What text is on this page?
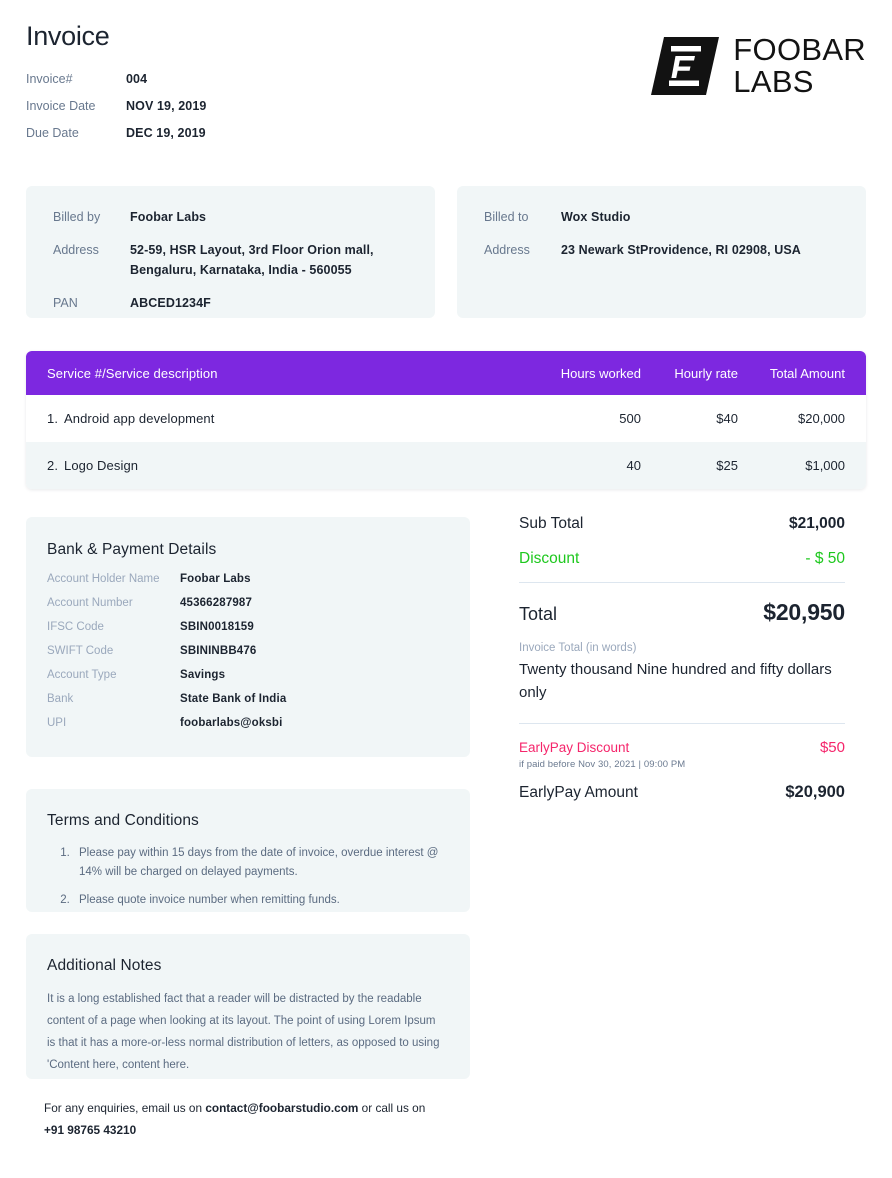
Invoice
Invoice#	004
Invoice Date	NOV 19, 2019
Due Date	DEC 19, 2019
FOOBAR
LABS
Billed by	Foobar Labs
Address	52-59, HSR Layout, 3rd Floor Orion mall,
Bengaluru, Karnataka, India - 560055

PAN	ABCED1234F
Billed to	Wox Studio
Address	23 Newark StProvidence, RI 02908, USA
Service #/Service description	Hours worked	Hourly rate	Total Amount
1. Android app development	500	$40	$20,000
2. Logo Design	40	$25	$1,000
Bank & Payment Details
Account Holder Name	Foobar Labs
Account Number	45366287987
IFSC Code	SBIN0018159
SWIFT Code	SBININBB476
Account Type	Savings
Bank	State Bank of India
UPI	foobarlabs@oksbi
Terms and Conditions
1. Please pay within 15 days from the date of invoice, overdue interest @ 14% will be charged on delayed payments.
2. Please quote invoice number when remitting funds.
Additional Notes

It is a long established fact that a reader will be distracted by the readable content of a page when looking at its layout. The point of using Lorem Ipsum is that it has a more-or-less normal distribution of letters, as opposed to using 'Content here, content here.

For any enquiries, email us on contact@foobarstudio.com or call us on
+91 98765 43210
Sub Total	$21,000
Discount	- $ 50
Total	$20,950
Invoice Total (in words)

Twenty thousand Nine hundred and fifty dollars only

EarlyPay Discount	$50
if paid before Nov 30, 2021 | 09:00 PM
EarlyPay Amount	$20,900
